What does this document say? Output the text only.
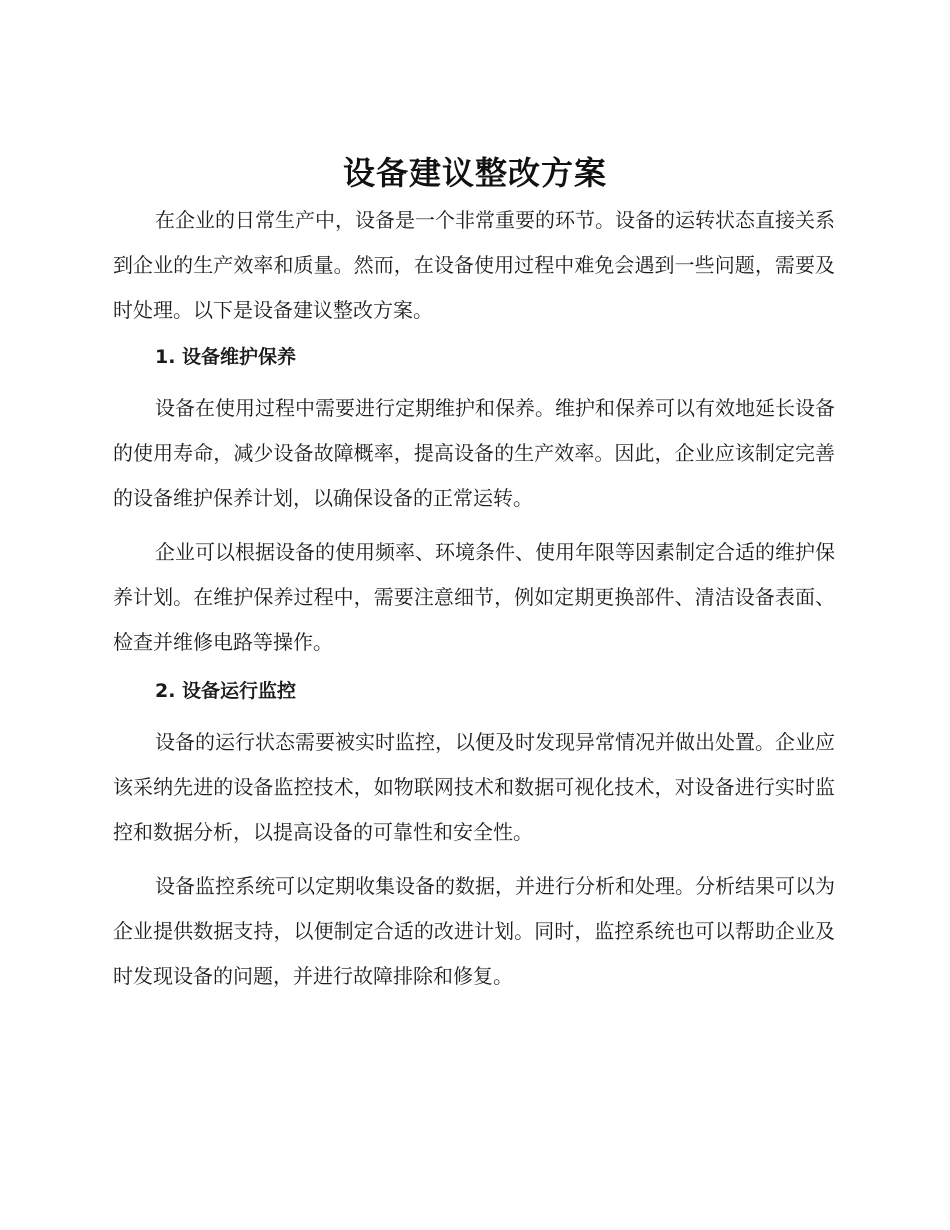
设备建议整改方案

在企业的日常生产中，设备是一个非常重要的环节。设备的运转状态直接关系到企业的生产效率和质量。然而，在设备使用过程中难免会遇到一些问题，需要及时处理。以下是设备建议整改方案。

1. 设备维护保养

设备在使用过程中需要进行定期维护和保养。维护和保养可以有效地延长设备的使用寿命，减少设备故障概率，提高设备的生产效率。因此，企业应该制定完善的设备维护保养计划，以确保设备的正常运转。

企业可以根据设备的使用频率、环境条件、使用年限等因素制定合适的维护保养计划。在维护保养过程中，需要注意细节，例如定期更换部件、清洁设备表面、检查并维修电路等操作。

2. 设备运行监控

设备的运行状态需要被实时监控，以便及时发现异常情况并做出处置。企业应该采纳先进的设备监控技术，如物联网技术和数据可视化技术，对设备进行实时监控和数据分析，以提高设备的可靠性和安全性。

设备监控系统可以定期收集设备的数据，并进行分析和处理。分析结果可以为企业提供数据支持，以便制定合适的改进计划。同时，监控系统也可以帮助企业及时发现设备的问题，并进行故障排除和修复。
